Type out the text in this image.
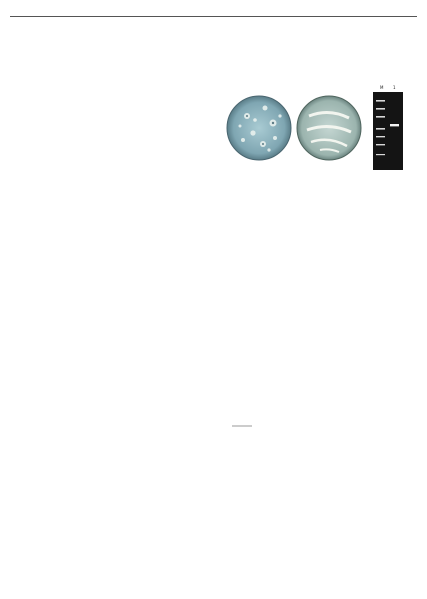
M 1
